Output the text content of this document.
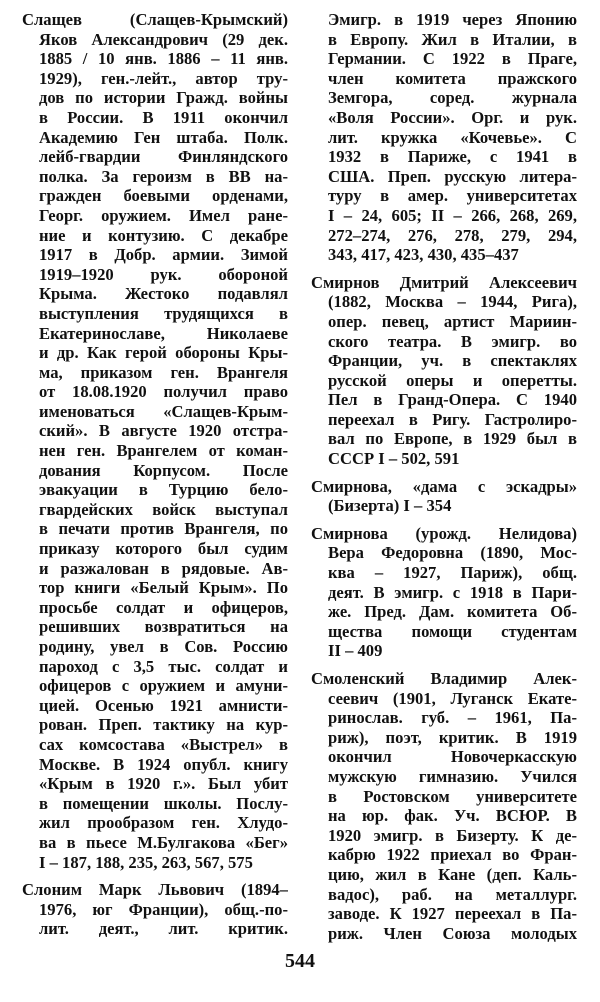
Слащев (Слащев-Крымский)
Яков Александрович (29 дек.
1885 / 10 янв. 1886 – 11 янв.
1929), ген.-лейт., автор тру-
дов по истории Гражд. войны
в России. В 1911 окончил
Академию Ген штаба. Полк.
лейб-гвардии Финляндского
полка. За героизм в ВВ на-
гражден боевыми орденами,
Георг. оружием. Имел ране-
ние и контузию. С декабре
1917 в Добр. армии. Зимой
1919–1920 рук. обороной
Крыма. Жестоко подавлял
выступления трудящихся в
Екатеринославе, Николаеве
и др. Как герой обороны Кры-
ма, приказом ген. Врангеля
от 18.08.1920 получил право
именоваться «Слащев-Крым-
ский». В августе 1920 отстра-
нен ген. Врангелем от коман-
дования Корпусом. После
эвакуации в Турцию бело-
гвардейских войск выступал
в печати против Врангеля, по
приказу которого был судим
и разжалован в рядовые. Ав-
тор книги «Белый Крым». По
просьбе солдат и офицеров,
решивших возвратиться на
родину, увел в Сов. Россию
пароход с 3,5 тыс. солдат и
офицеров с оружием и амуни-
цией. Осенью 1921 амнисти-
рован. Преп. тактику на кур-
сах комсостава «Выстрел» в
Москве. В 1924 опубл. книгу
«Крым в 1920 г.». Был убит
в помещении школы. Послу-
жил прообразом ген. Хлудо-
ва в пьесе М.Булгакова «Бег»
I – 187, 188, 235, 263, 567, 575
Слоним Марк Львович (1894–
1976, юг Франции), общ.-по-
лит. деят., лит. критик.
Эмигр. в 1919 через Японию
в Европу. Жил в Италии, в
Германии. С 1922 в Праге,
член комитета пражского
Земгора, соред. журнала
«Воля России». Орг. и рук.
лит. кружка «Кочевье». С
1932 в Париже, с 1941 в
США. Преп. русскую литера-
туру в амер. университетах
I – 24, 605; II – 266, 268, 269,
272–274, 276, 278, 279, 294,
343, 417, 423, 430, 435–437
Смирнов Дмитрий Алексеевич
(1882, Москва – 1944, Рига),
опер. певец, артист Мариин-
ского театра. В эмигр. во
Франции, уч. в спектаклях
русской оперы и оперетты.
Пел в Гранд-Опера. С 1940
переехал в Ригу. Гастролиро-
вал по Европе, в 1929 был в
СССР I – 502, 591
Смирнова, «дама с эскадры»
(Бизерта) I – 354
Смирнова (урожд. Нелидова)
Вера Федоровна (1890, Мос-
ква – 1927, Париж), общ.
деят. В эмигр. с 1918 в Пари-
же. Пред. Дам. комитета Об-
щества помощи студентам
II – 409
Смоленский Владимир Алек-
сеевич (1901, Луганск Екате-
ринослав. губ. – 1961, Па-
риж), поэт, критик. В 1919
окончил Новочеркасскую
мужскую гимназию. Учился
в Ростовском университете
на юр. фак. Уч. ВСЮР. В
1920 эмигр. в Бизерту. К де-
кабрю 1922 приехал во Фран-
цию, жил в Кане (деп. Каль-
вадос), раб. на металлург.
заводе. К 1927 переехал в Па-
риж. Член Союза молодых
544
